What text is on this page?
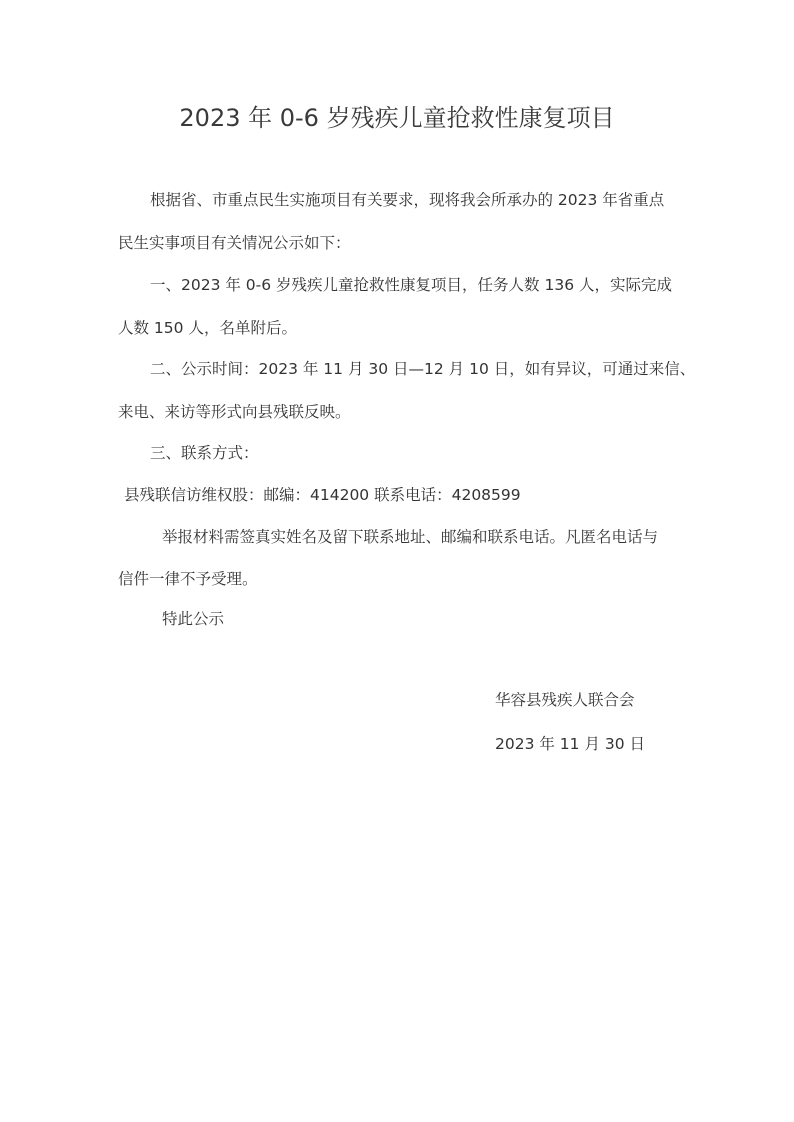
2023 年 0-6 岁残疾儿童抢救性康复项目

根据省、市重点民生实施项目有关要求，现将我会所承办的 2023 年省重点

民生实事项目有关情况公示如下：

一、2023 年 0-6 岁残疾儿童抢救性康复项目，任务人数 136 人，实际完成

人数 150 人，名单附后。

二、公示时间：2023 年 11 月 30 日—12 月 10 日，如有异议，可通过来信、

来电、来访等形式向县残联反映。

三、联系方式：

县残联信访维权股：邮编：414200 联系电话：4208599

举报材料需签真实姓名及留下联系地址、邮编和联系电话。凡匿名电话与

信件一律不予受理。

特此公示

华容县残疾人联合会

2023 年 11 月 30 日
